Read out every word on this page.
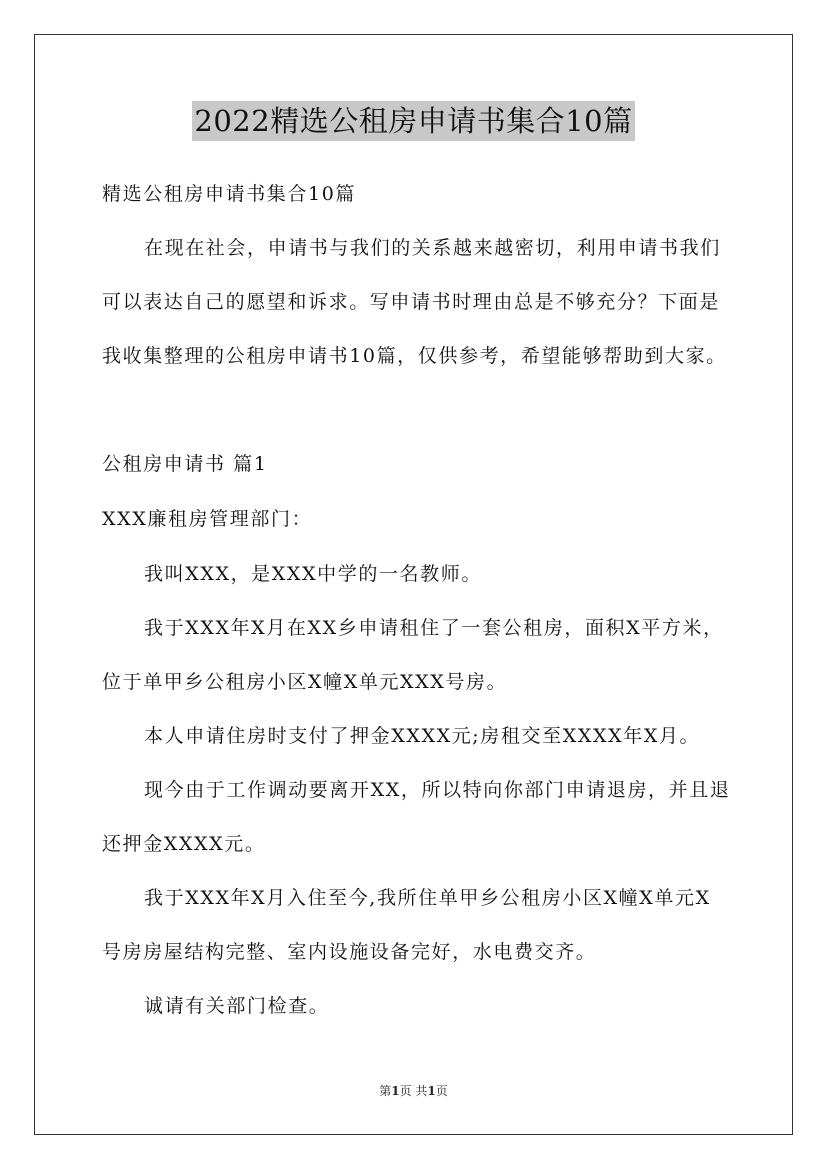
2022精选公租房申请书集合10篇
精选公租房申请书集合10篇
在现在社会，申请书与我们的关系越来越密切，利用申请书我们
可以表达自己的愿望和诉求。写申请书时理由总是不够充分？下面是
我收集整理的公租房申请书10篇，仅供参考，希望能够帮助到大家。
公租房申请书 篇1
XXX廉租房管理部门：
我叫XXX，是XXX中学的一名教师。
我于XXX年X月在XX乡申请租住了一套公租房，面积X平方米，
位于单甲乡公租房小区X幢X单元XXX号房。
本人申请住房时支付了押金XXXX元;房租交至XXXX年X月。
现今由于工作调动要离开XX，所以特向你部门申请退房，并且退
还押金XXXX元。
我于XXX年X月入住至今,我所住单甲乡公租房小区X幢X单元X
号房房屋结构完整、室内设施设备完好，水电费交齐。
诚请有关部门检查。
第1页 共1页
